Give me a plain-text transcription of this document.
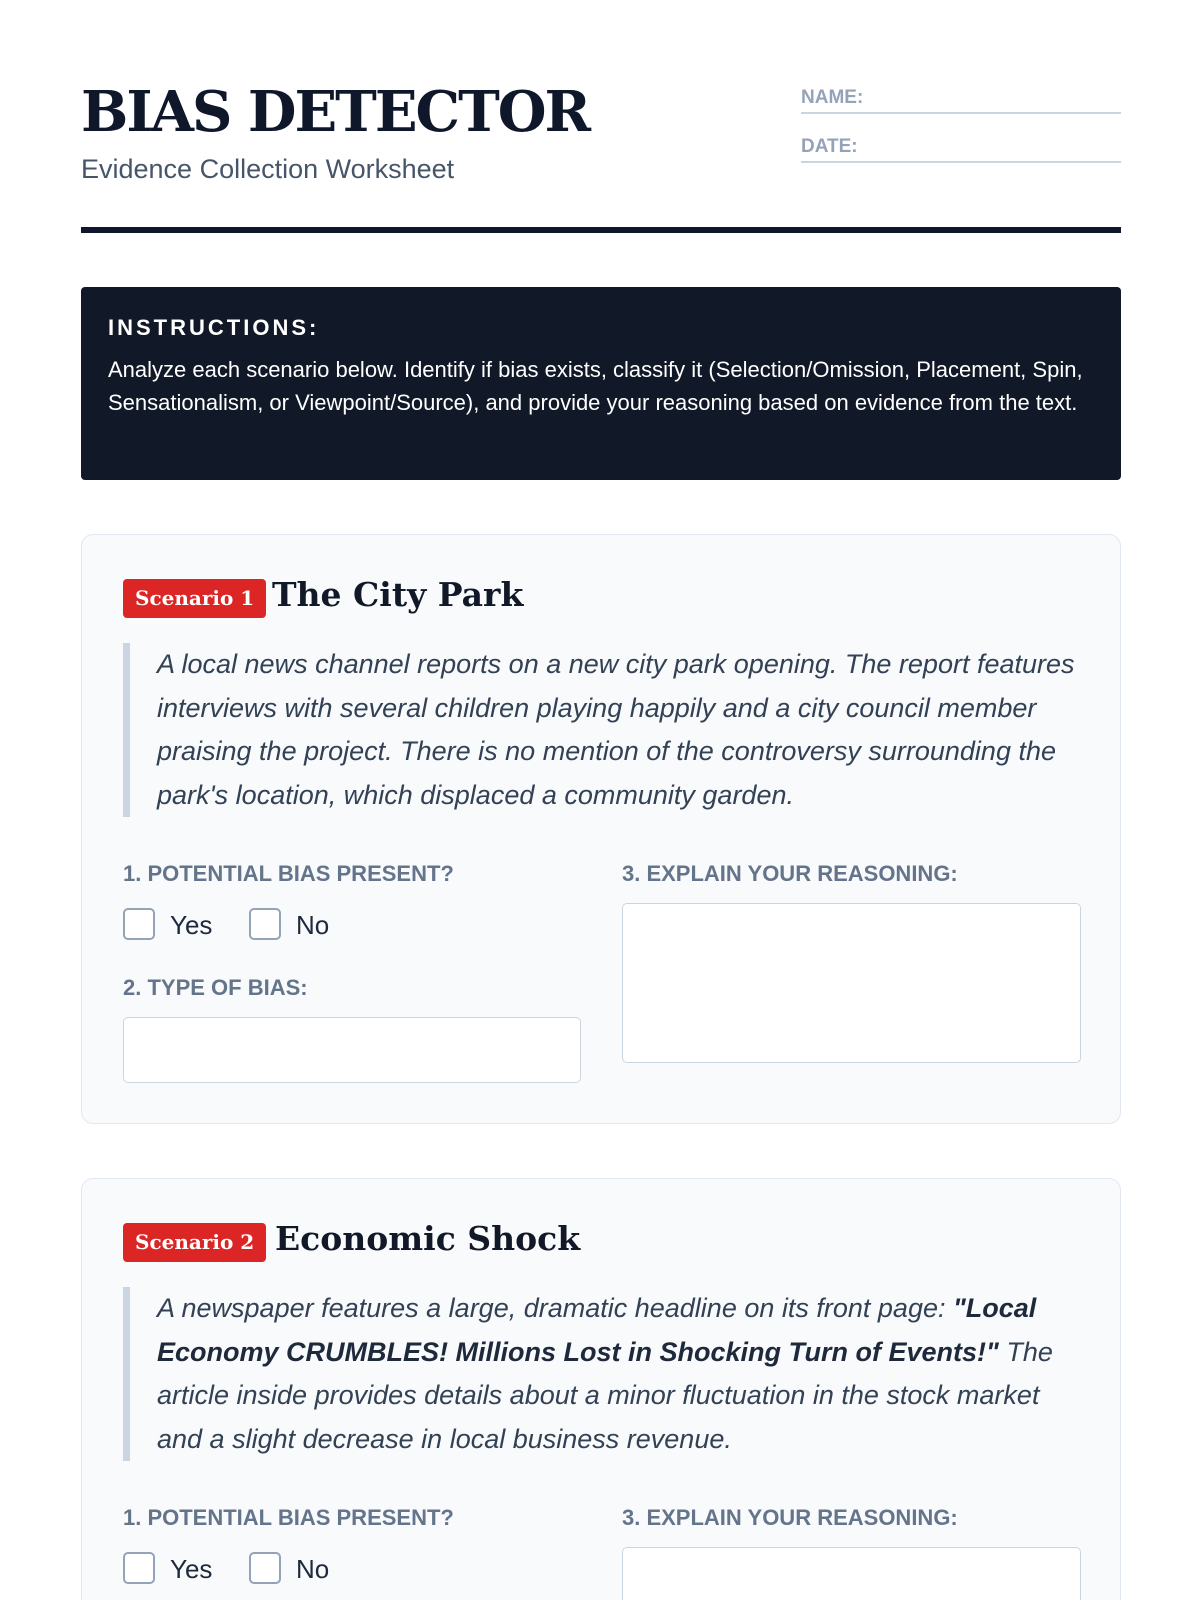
BIAS DETECTOR
Evidence Collection Worksheet
NAME:
DATE:
INSTRUCTIONS:
Analyze each scenario below. Identify if bias exists, classify it (Selection/Omission, Placement, Spin, Sensationalism, or Viewpoint/Source), and provide your reasoning based on evidence from the text.
Scenario 1 The City Park
A local news channel reports on a new city park opening. The report features interviews with several children playing happily and a city council member praising the project. There is no mention of the controversy surrounding the park's location, which displaced a community garden.
1. POTENTIAL BIAS PRESENT?
Yes	No
2. TYPE OF BIAS:
3. EXPLAIN YOUR REASONING:
Scenario 2 Economic Shock
A newspaper features a large, dramatic headline on its front page: "Local Economy CRUMBLES! Millions Lost in Shocking Turn of Events!" The article inside provides details about a minor fluctuation in the stock market and a slight decrease in local business revenue.
1. POTENTIAL BIAS PRESENT?
Yes	No
3. EXPLAIN YOUR REASONING:
